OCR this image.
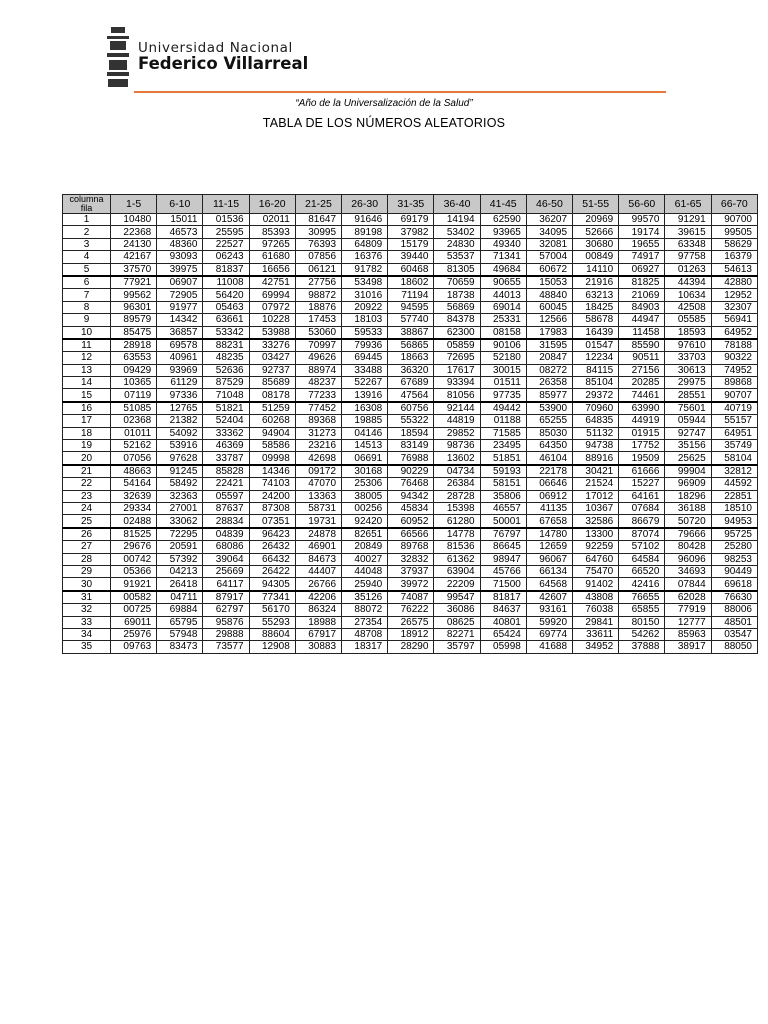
Universidad Nacional
Federico Villarreal
“Año de la Universalización de la Salud”
TABLA DE LOS NÚMEROS ALEATORIOS
columna
fila	1-5	6-10	11-15	16-20	21-25	26-30	31-35	36-40	41-45	46-50	51-55	56-60	61-65	66-70
1	10480	15011	01536	02011	81647	91646	69179	14194	62590	36207	20969	99570	91291	90700
2	22368	46573	25595	85393	30995	89198	37982	53402	93965	34095	52666	19174	39615	99505
3	24130	48360	22527	97265	76393	64809	15179	24830	49340	32081	30680	19655	63348	58629
4	42167	93093	06243	61680	07856	16376	39440	53537	71341	57004	00849	74917	97758	16379
5	37570	39975	81837	16656	06121	91782	60468	81305	49684	60672	14110	06927	01263	54613
6	77921	06907	11008	42751	27756	53498	18602	70659	90655	15053	21916	81825	44394	42880
7	99562	72905	56420	69994	98872	31016	71194	18738	44013	48840	63213	21069	10634	12952
8	96301	91977	05463	07972	18876	20922	94595	56869	69014	60045	18425	84903	42508	32307
9	89579	14342	63661	10228	17453	18103	57740	84378	25331	12566	58678	44947	05585	56941
10	85475	36857	53342	53988	53060	59533	38867	62300	08158	17983	16439	11458	18593	64952
11	28918	69578	88231	33276	70997	79936	56865	05859	90106	31595	01547	85590	97610	78188
12	63553	40961	48235	03427	49626	69445	18663	72695	52180	20847	12234	90511	33703	90322
13	09429	93969	52636	92737	88974	33488	36320	17617	30015	08272	84115	27156	30613	74952
14	10365	61129	87529	85689	48237	52267	67689	93394	01511	26358	85104	20285	29975	89868
15	07119	97336	71048	08178	77233	13916	47564	81056	97735	85977	29372	74461	28551	90707
16	51085	12765	51821	51259	77452	16308	60756	92144	49442	53900	70960	63990	75601	40719
17	02368	21382	52404	60268	89368	19885	55322	44819	01188	65255	64835	44919	05944	55157
18	01011	54092	33362	94904	31273	04146	18594	29852	71585	85030	51132	01915	92747	64951
19	52162	53916	46369	58586	23216	14513	83149	98736	23495	64350	94738	17752	35156	35749
20	07056	97628	33787	09998	42698	06691	76988	13602	51851	46104	88916	19509	25625	58104
21	48663	91245	85828	14346	09172	30168	90229	04734	59193	22178	30421	61666	99904	32812
22	54164	58492	22421	74103	47070	25306	76468	26384	58151	06646	21524	15227	96909	44592
23	32639	32363	05597	24200	13363	38005	94342	28728	35806	06912	17012	64161	18296	22851
24	29334	27001	87637	87308	58731	00256	45834	15398	46557	41135	10367	07684	36188	18510
25	02488	33062	28834	07351	19731	92420	60952	61280	50001	67658	32586	86679	50720	94953
26	81525	72295	04839	96423	24878	82651	66566	14778	76797	14780	13300	87074	79666	95725
27	29676	20591	68086	26432	46901	20849	89768	81536	86645	12659	92259	57102	80428	25280
28	00742	57392	39064	66432	84673	40027	32832	61362	98947	96067	64760	64584	96096	98253
29	05366	04213	25669	26422	44407	44048	37937	63904	45766	66134	75470	66520	34693	90449
30	91921	26418	64117	94305	26766	25940	39972	22209	71500	64568	91402	42416	07844	69618
31	00582	04711	87917	77341	42206	35126	74087	99547	81817	42607	43808	76655	62028	76630
32	00725	69884	62797	56170	86324	88072	76222	36086	84637	93161	76038	65855	77919	88006
33	69011	65795	95876	55293	18988	27354	26575	08625	40801	59920	29841	80150	12777	48501
34	25976	57948	29888	88604	67917	48708	18912	82271	65424	69774	33611	54262	85963	03547
35	09763	83473	73577	12908	30883	18317	28290	35797	05998	41688	34952	37888	38917	88050
